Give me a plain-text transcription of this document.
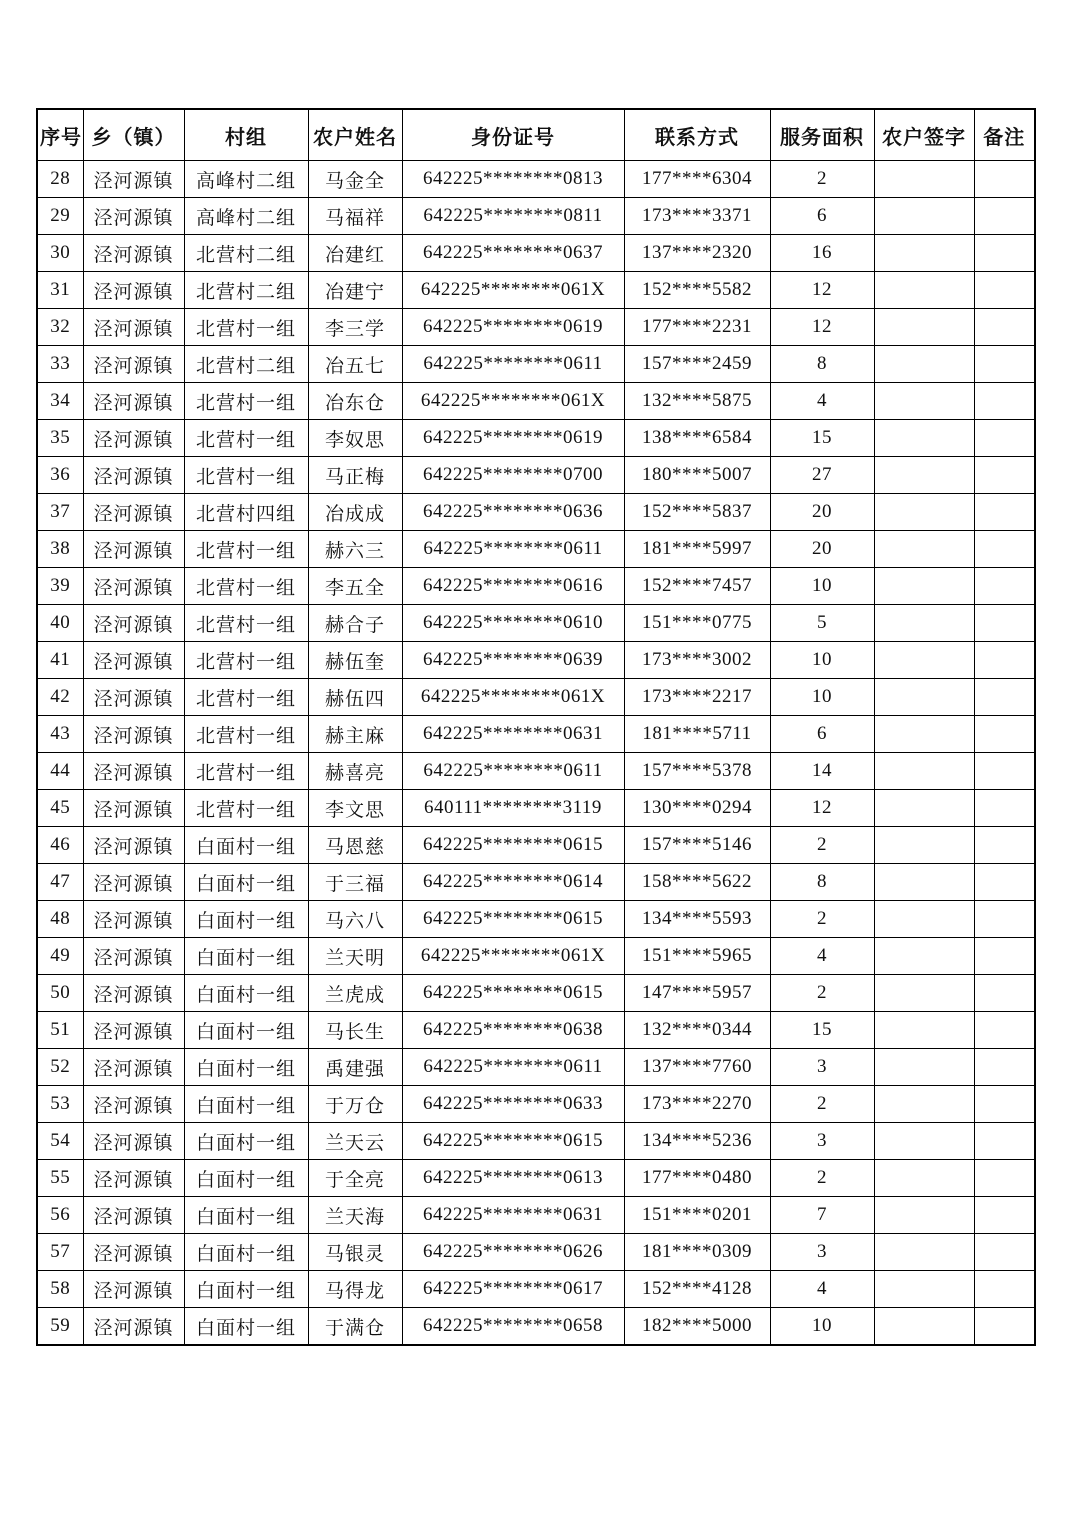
序号	乡（镇）	村组	农户姓名	身份证号	联系方式	服务面积	农户签字	备注
28	泾河源镇	高峰村二组	马金全	642225********0813	177****6304	2		
29	泾河源镇	高峰村二组	马福祥	642225********0811	173****3371	6		
30	泾河源镇	北营村二组	冶建红	642225********0637	137****2320	16		
31	泾河源镇	北营村二组	冶建宁	642225********061X	152****5582	12		
32	泾河源镇	北营村一组	李三学	642225********0619	177****2231	12		
33	泾河源镇	北营村二组	冶五七	642225********0611	157****2459	8		
34	泾河源镇	北营村一组	冶东仓	642225********061X	132****5875	4		
35	泾河源镇	北营村一组	李奴思	642225********0619	138****6584	15		
36	泾河源镇	北营村一组	马正梅	642225********0700	180****5007	27		
37	泾河源镇	北营村四组	冶成成	642225********0636	152****5837	20		
38	泾河源镇	北营村一组	赫六三	642225********0611	181****5997	20		
39	泾河源镇	北营村一组	李五全	642225********0616	152****7457	10		
40	泾河源镇	北营村一组	赫合子	642225********0610	151****0775	5		
41	泾河源镇	北营村一组	赫伍奎	642225********0639	173****3002	10		
42	泾河源镇	北营村一组	赫伍四	642225********061X	173****2217	10		
43	泾河源镇	北营村一组	赫主麻	642225********0631	181****5711	6		
44	泾河源镇	北营村一组	赫喜亮	642225********0611	157****5378	14		
45	泾河源镇	北营村一组	李文思	640111********3119	130****0294	12		
46	泾河源镇	白面村一组	马恩慈	642225********0615	157****5146	2		
47	泾河源镇	白面村一组	于三福	642225********0614	158****5622	8		
48	泾河源镇	白面村一组	马六八	642225********0615	134****5593	2		
49	泾河源镇	白面村一组	兰天明	642225********061X	151****5965	4		
50	泾河源镇	白面村一组	兰虎成	642225********0615	147****5957	2		
51	泾河源镇	白面村一组	马长生	642225********0638	132****0344	15		
52	泾河源镇	白面村一组	禹建强	642225********0611	137****7760	3		
53	泾河源镇	白面村一组	于万仓	642225********0633	173****2270	2		
54	泾河源镇	白面村一组	兰天云	642225********0615	134****5236	3		
55	泾河源镇	白面村一组	于全亮	642225********0613	177****0480	2		
56	泾河源镇	白面村一组	兰天海	642225********0631	151****0201	7		
57	泾河源镇	白面村一组	马银灵	642225********0626	181****0309	3		
58	泾河源镇	白面村一组	马得龙	642225********0617	152****4128	4		
59	泾河源镇	白面村一组	于满仓	642225********0658	182****5000	10		
